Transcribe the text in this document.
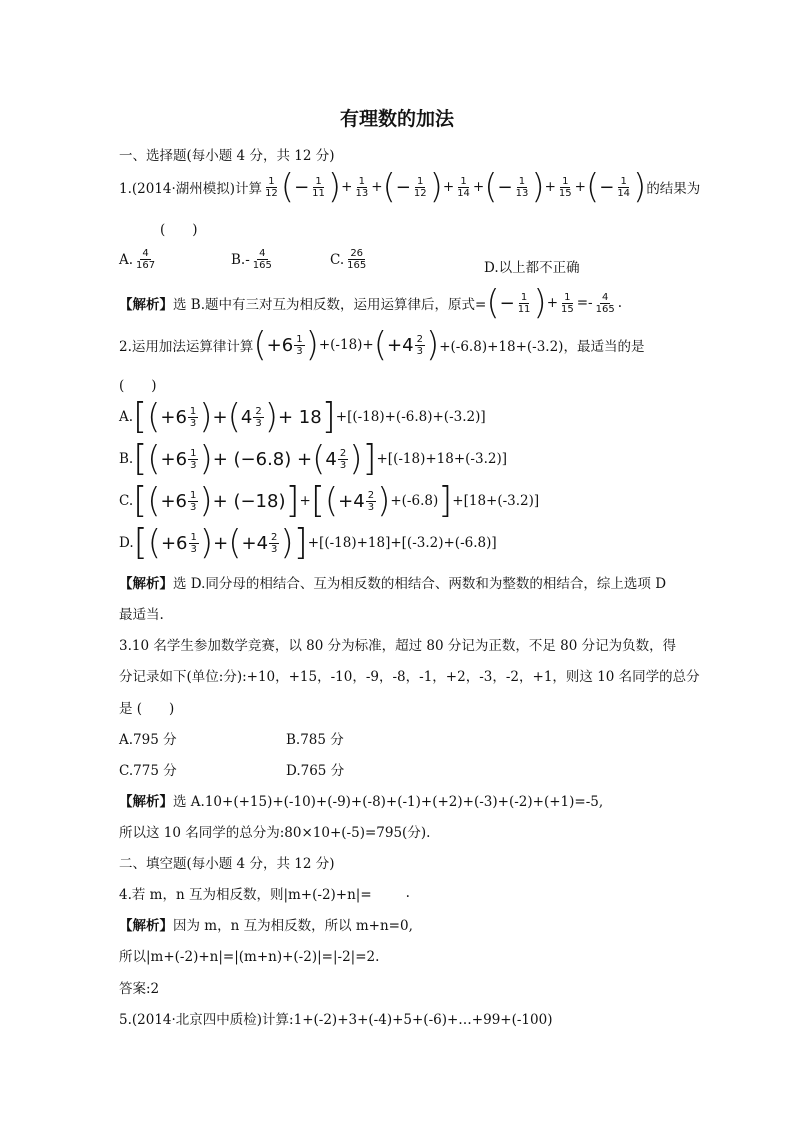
有理数的加法
一、选择题(每小题 4 分，共 12 分)
1.(2014·湖州模拟)计算 $\frac{1}{12}$ ( − $\frac{1}{11}$ ) + $\frac{1}{13}$ + ( − $\frac{1}{12}$ ) + $\frac{1}{14}$ + ( − $\frac{1}{13}$ ) + $\frac{1}{15}$ + ( − $\frac{1}{14}$ ) 的结果为
(　　)
A. $\frac{4}{167}$	$B.- \frac{4}{165}$	C. $\frac{26}{165}$	D.以上都不正确
【解析】 选 B.题中有三对互为相反数，运用运算律后，原式= ( − $\frac{1}{11}$ ) + $\frac{1}{15} =- \frac{4}{165}$ .
2.运用加法运算律计算 ( $+6 \frac{1}{3}$ ) +(-18)+ ( $+4 \frac{2}{3}$ ) +(-6.8)+18+(-3.2)，最适当的是
(　　)
A. [ ( $+6 \frac{1}{3}$ ) + ( $4 \frac{2}{3}$ ) + 18 ] +[(-18)+(-6.8)+(-3.2)]
B. [ ( $+6 \frac{1}{3}$ ) + (−6.8) + ( $4 \frac{2}{3}$ ) ] +[(-18)+18+(-3.2)]
C. [ ( $+6 \frac{1}{3}$ ) + (−18) ] + [ ( $+4 \frac{2}{3}$ ) +(-6.8) ] +[18+(-3.2)]
D. [ ( $+6 \frac{1}{3}$ ) + ( $+4 \frac{2}{3}$ ) ] +[(-18)+18]+[(-3.2)+(-6.8)]
【解析】 选 D.同分母的相结合、互为相反数的相结合、两数和为整数的相结合，综上选项 D
最适当.
3.10 名学生参加数学竞赛，以 80 分为标准，超过 80 分记为正数，不足 80 分记为负数，得
分记录如下(单位:分):+10，+15，-10，-9，-8，-1，+2，-3，-2，+1，则这 10 名同学的总分
是 (　　)
A.795 分	B.785 分
C.775 分	D.765 分
【解析】 选 A.10+(+15)+(-10)+(-9)+(-8)+(-1)+(+2)+(-3)+(-2)+(+1)=-5,
所以这 10 名同学的总分为:80×10+(-5)=795(分).
二、填空题(每小题 4 分，共 12 分)
4.若 m，n 互为相反数，则|m+(-2)+n|=	.
【解析】 因为 m，n 互为相反数，所以 m+n=0,
所以|m+(-2)+n|=|(m+n)+(-2)|=|-2|=2.
答案:2
5.(2014·北京四中质检)计算:1+(-2)+3+(-4)+5+(-6)+…+99+(-100)
